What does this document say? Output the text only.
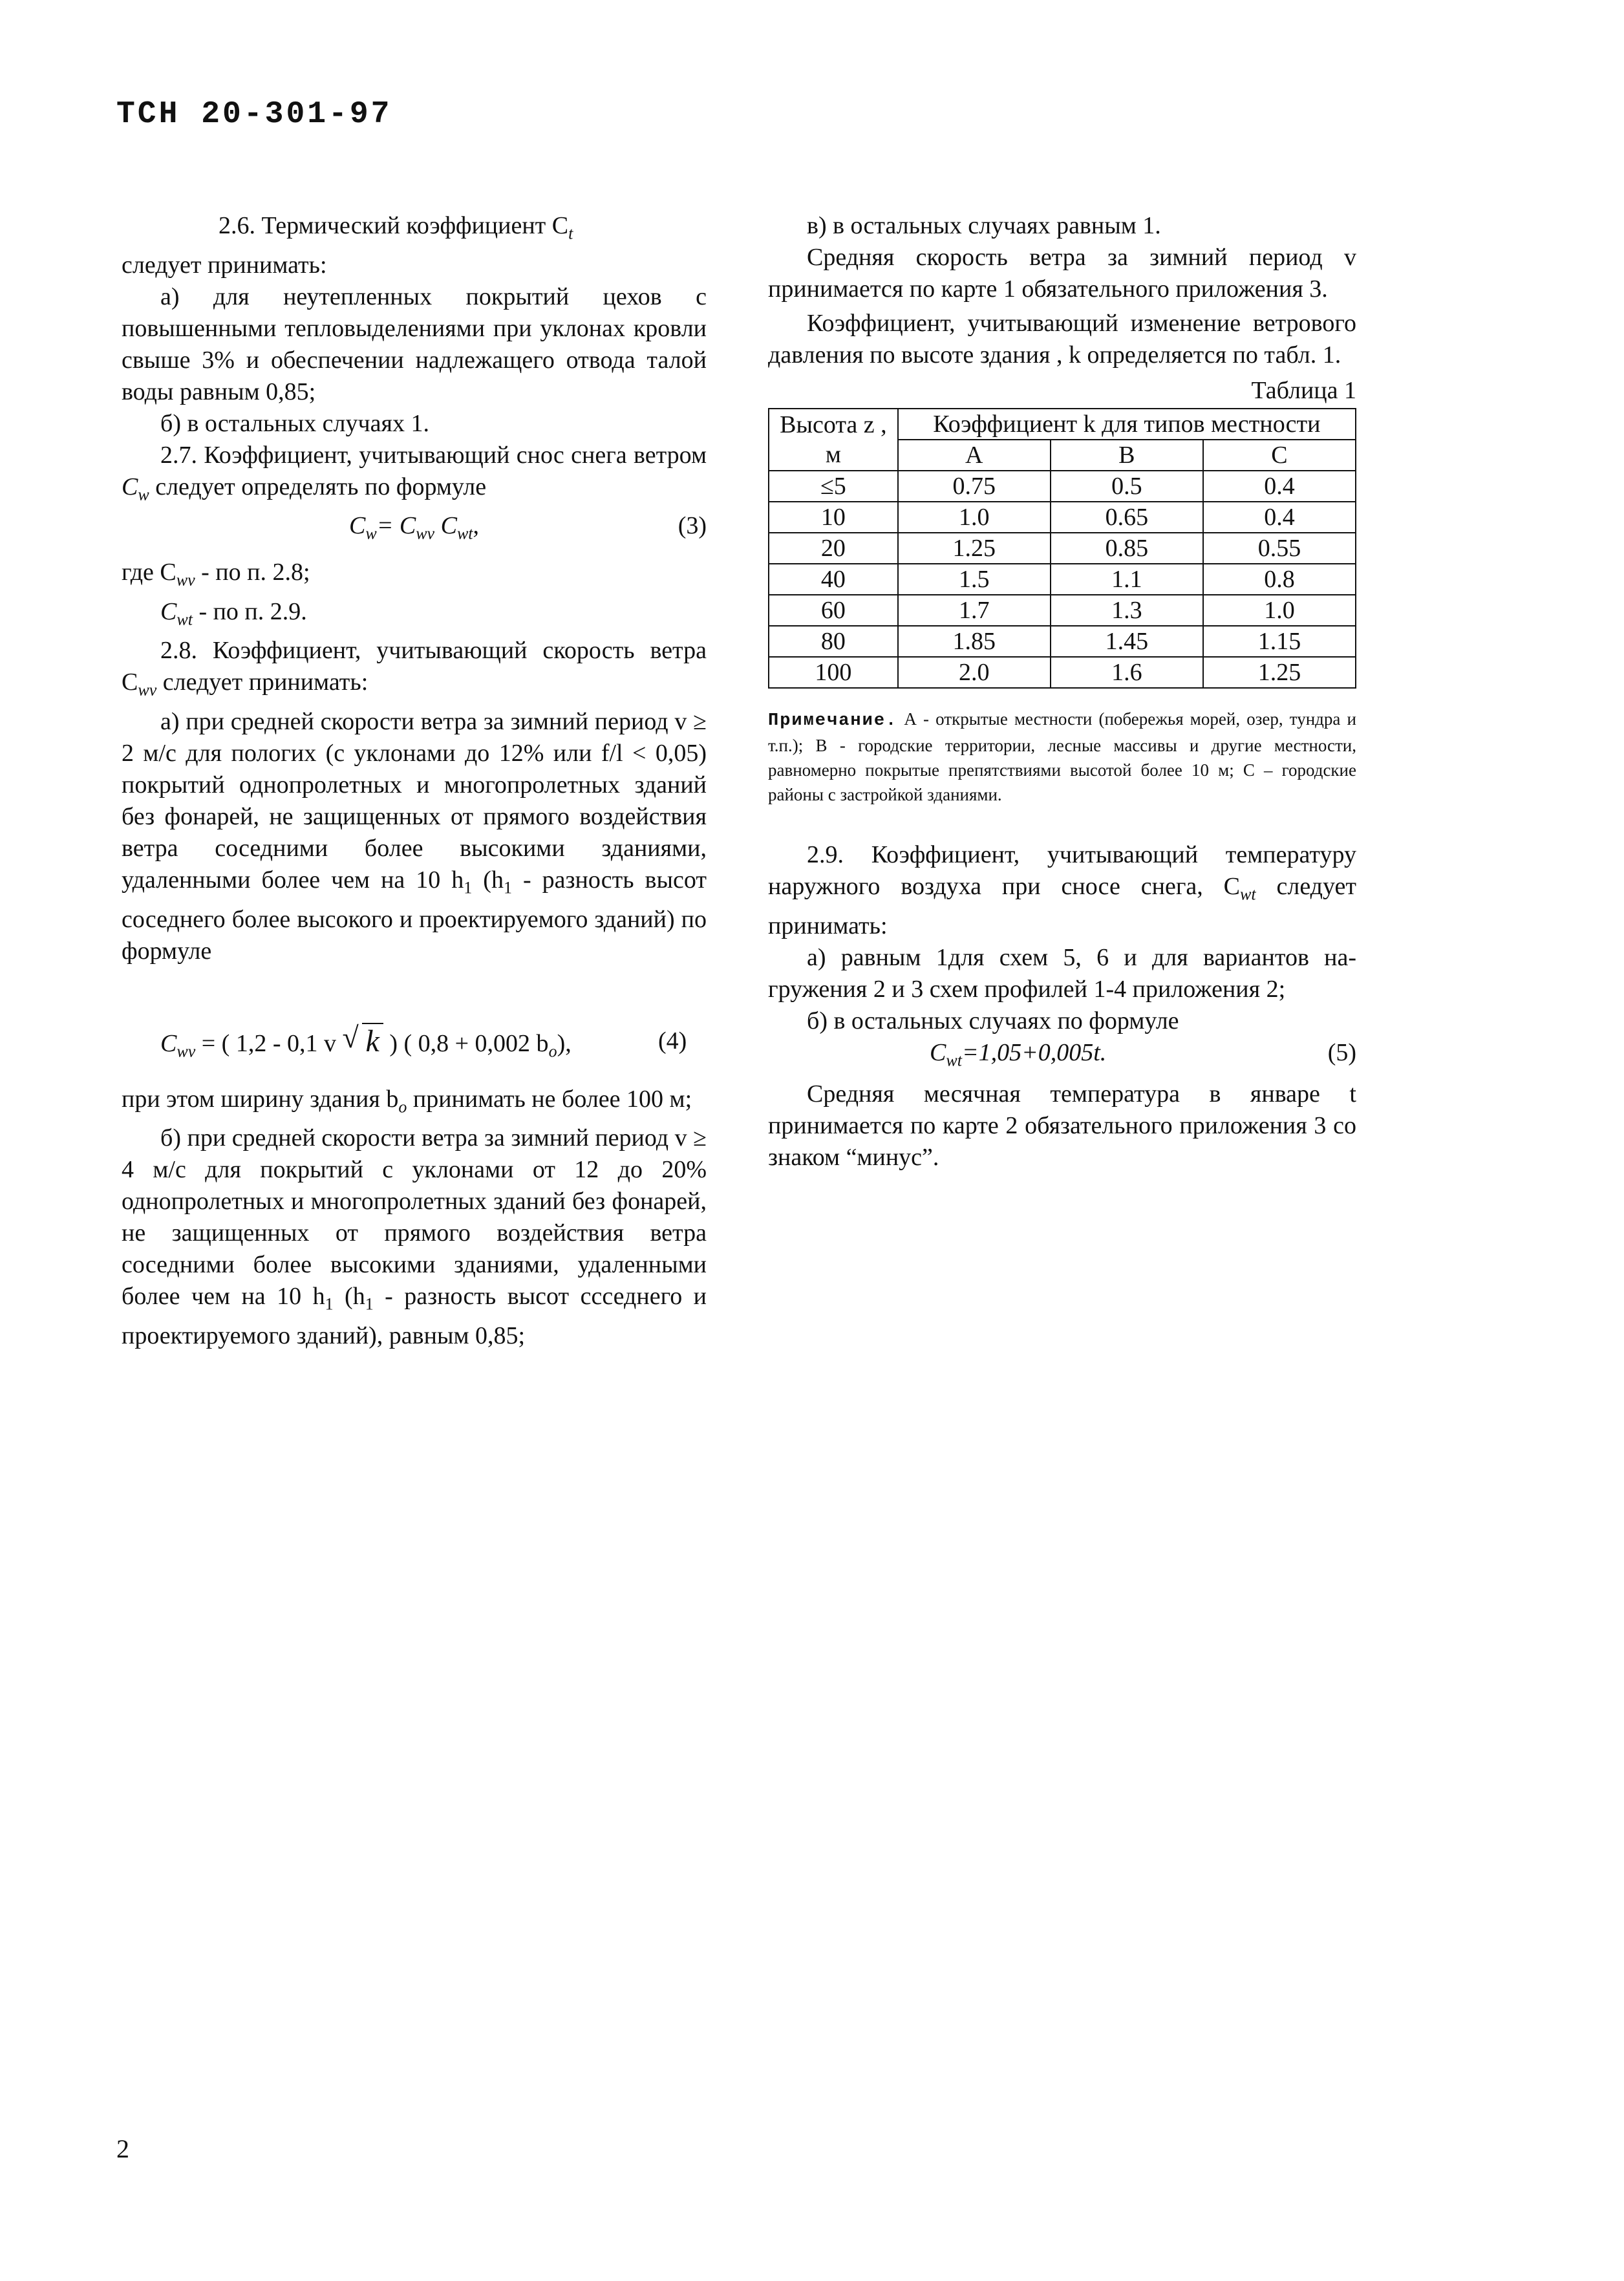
ТСН 20-301-97

2.6. Термический коэффициент $C_t$
следует принимать:

а) для неутепленных покрытий цехов с повышенными тепловыделениями при уклонах кровли свыше 3% и обеспечении надлежащего отвода талой воды равным 0,85;

б) в остальных случаях 1.

2.7. Коэффициент, учитывающий снос снега ветром $C_w$ следует определять по формуле

$C_w= C_{wv}$ $C_{wt}$,	(3)

где $C_{wv}$ - по п. 2.8;

$C_{wt}$ - по п. 2.9.

2.8. Коэффициент, учитывающий скорость ветра $C_{wv}$ следует принимать:

а) при средней скорости ветра за зимний период v ≥ 2 м/с для пологих (с уклонами до 12% или f/l < 0,05) покрытий однопролетных и многопролетных зданий без фонарей, не защищенных от прямого воздействия ветра соседними более высокими зданиями, удаленными более чем на 10 $h_1$ ($h_1$ - разность высот соседнего более высокого и проектируемого зданий) по формуле

$C_{wv}$ = ( 1,2 - 0,1 v √ k ) ( 0,8 + 0,002 $b_o$),	(4)

при этом ширину здания $b_o$ принимать не более 100 м;

б) при средней скорости ветра за зимний период v ≥ 4 м/с для покрытий с уклонами от 12 до 20% однопролетных и многопролетных зданий без фонарей, не защищенных от прямого воздействия ветра соседними более высокими зданиями, удаленными более чем на 10 $h_1$ ($h_1$ - разность высот ссседнего и проектируемого зданий), равным 0,85;

в) в остальных случаях равным 1.

Средняя скорость ветра за зимний период v принимается по карте 1 обязательного приложения 3.

Коэффициент, учитывающий изменение ветрового давления по высоте здания , k определяется по табл. 1.

Таблица 1
Высота z , м	Коэффициент k для типов местности		
	A	B	C
≤5	0.75	0.5	0.4
10	1.0	0.65	0.4
20	1.25	0.85	0.55
40	1.5	1.1	0.8
60	1.7	1.3	1.0
80	1.85	1.45	1.15
100	2.0	1.6	1.25
Примечание. А - открытые местности (побережья морей, озер, тундра и т.п.); В - городские территории, лесные массивы и другие местности, равномерно покрытые препятствиями высотой более 10 м; С – городские районы с застройкой зданиями.

2.9. Коэффициент, учитывающий температуру наружного воздуха при сносе снега, $C_{wt}$ следует принимать:

а) равным 1для схем 5, 6 и для вариантов на-гружения 2 и 3 схем профилей 1-4 приложения 2;

б) в остальных случаях по формуле

$C_{wt}=1,05+0,005t$.	(5)

Средняя месячная температура в январе t принимается по карте 2 обязательного приложения 3 со знаком “минус”.

2
